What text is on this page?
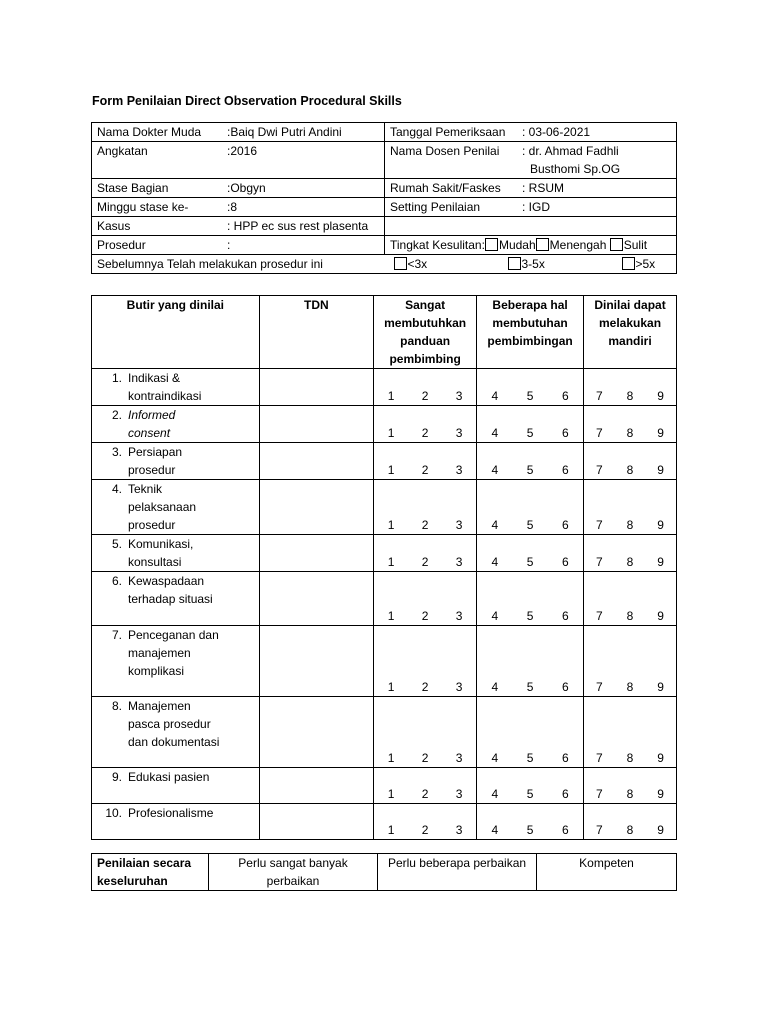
Form Penilaian Direct Observation Procedural Skills
Nama Dokter Muda	:Baiq Dwi Putri Andini	Tanggal Pemeriksaan	: 03-06-2021
Angkatan	:2016	Nama Dosen Penilai	: dr. Ahmad Fadhli
Busthomi Sp.OG

Stase Bagian	:Obgyn	Rumah Sakit/Faskes	: RSUM
Minggu stase ke-	:8	Setting Penilaian	: IGD
Kasus	: HPP ec sus rest plasenta		
Prosedur	:	Tingkat Kesulitan: Mudah Menengah Sulit	
Sebelumnya Telah melakukan prosedur ini		<3x 3-5x >5x	
Butir yang dinilai	TDN	Sangat membutuhkan panduan pembimbing			Beberapa hal membutuhan pembimbingan			Dinilai dapat melakukan mandiri		
1. Indikasi & kontraindikasi		1	2	3	4	5	6	7	8	9
2. Informed consent		1	2	3	4	5	6	7	8	9
3. Persiapan prosedur		1	2	3	4	5	6	7	8	9
4. Teknik pelaksanaan prosedur		1	2	3	4	5	6	7	8	9
5. Komunikasi, konsultasi		1	2	3	4	5	6	7	8	9
6. Kewaspadaan terhadap situasi		1	2	3	4	5	6	7	8	9
7. Penceganan dan manajemen komplikasi		1	2	3	4	5	6	7	8	9
8. Manajemen pasca prosedur dan dokumentasi		1	2	3	4	5	6	7	8	9
9. Edukasi pasien		1	2	3	4	5	6	7	8	9
10. Profesionalisme		1	2	3	4	5	6	7	8	9
Penilaian secara keseluruhan	Perlu sangat banyak perbaikan	Perlu beberapa perbaikan	Kompeten
